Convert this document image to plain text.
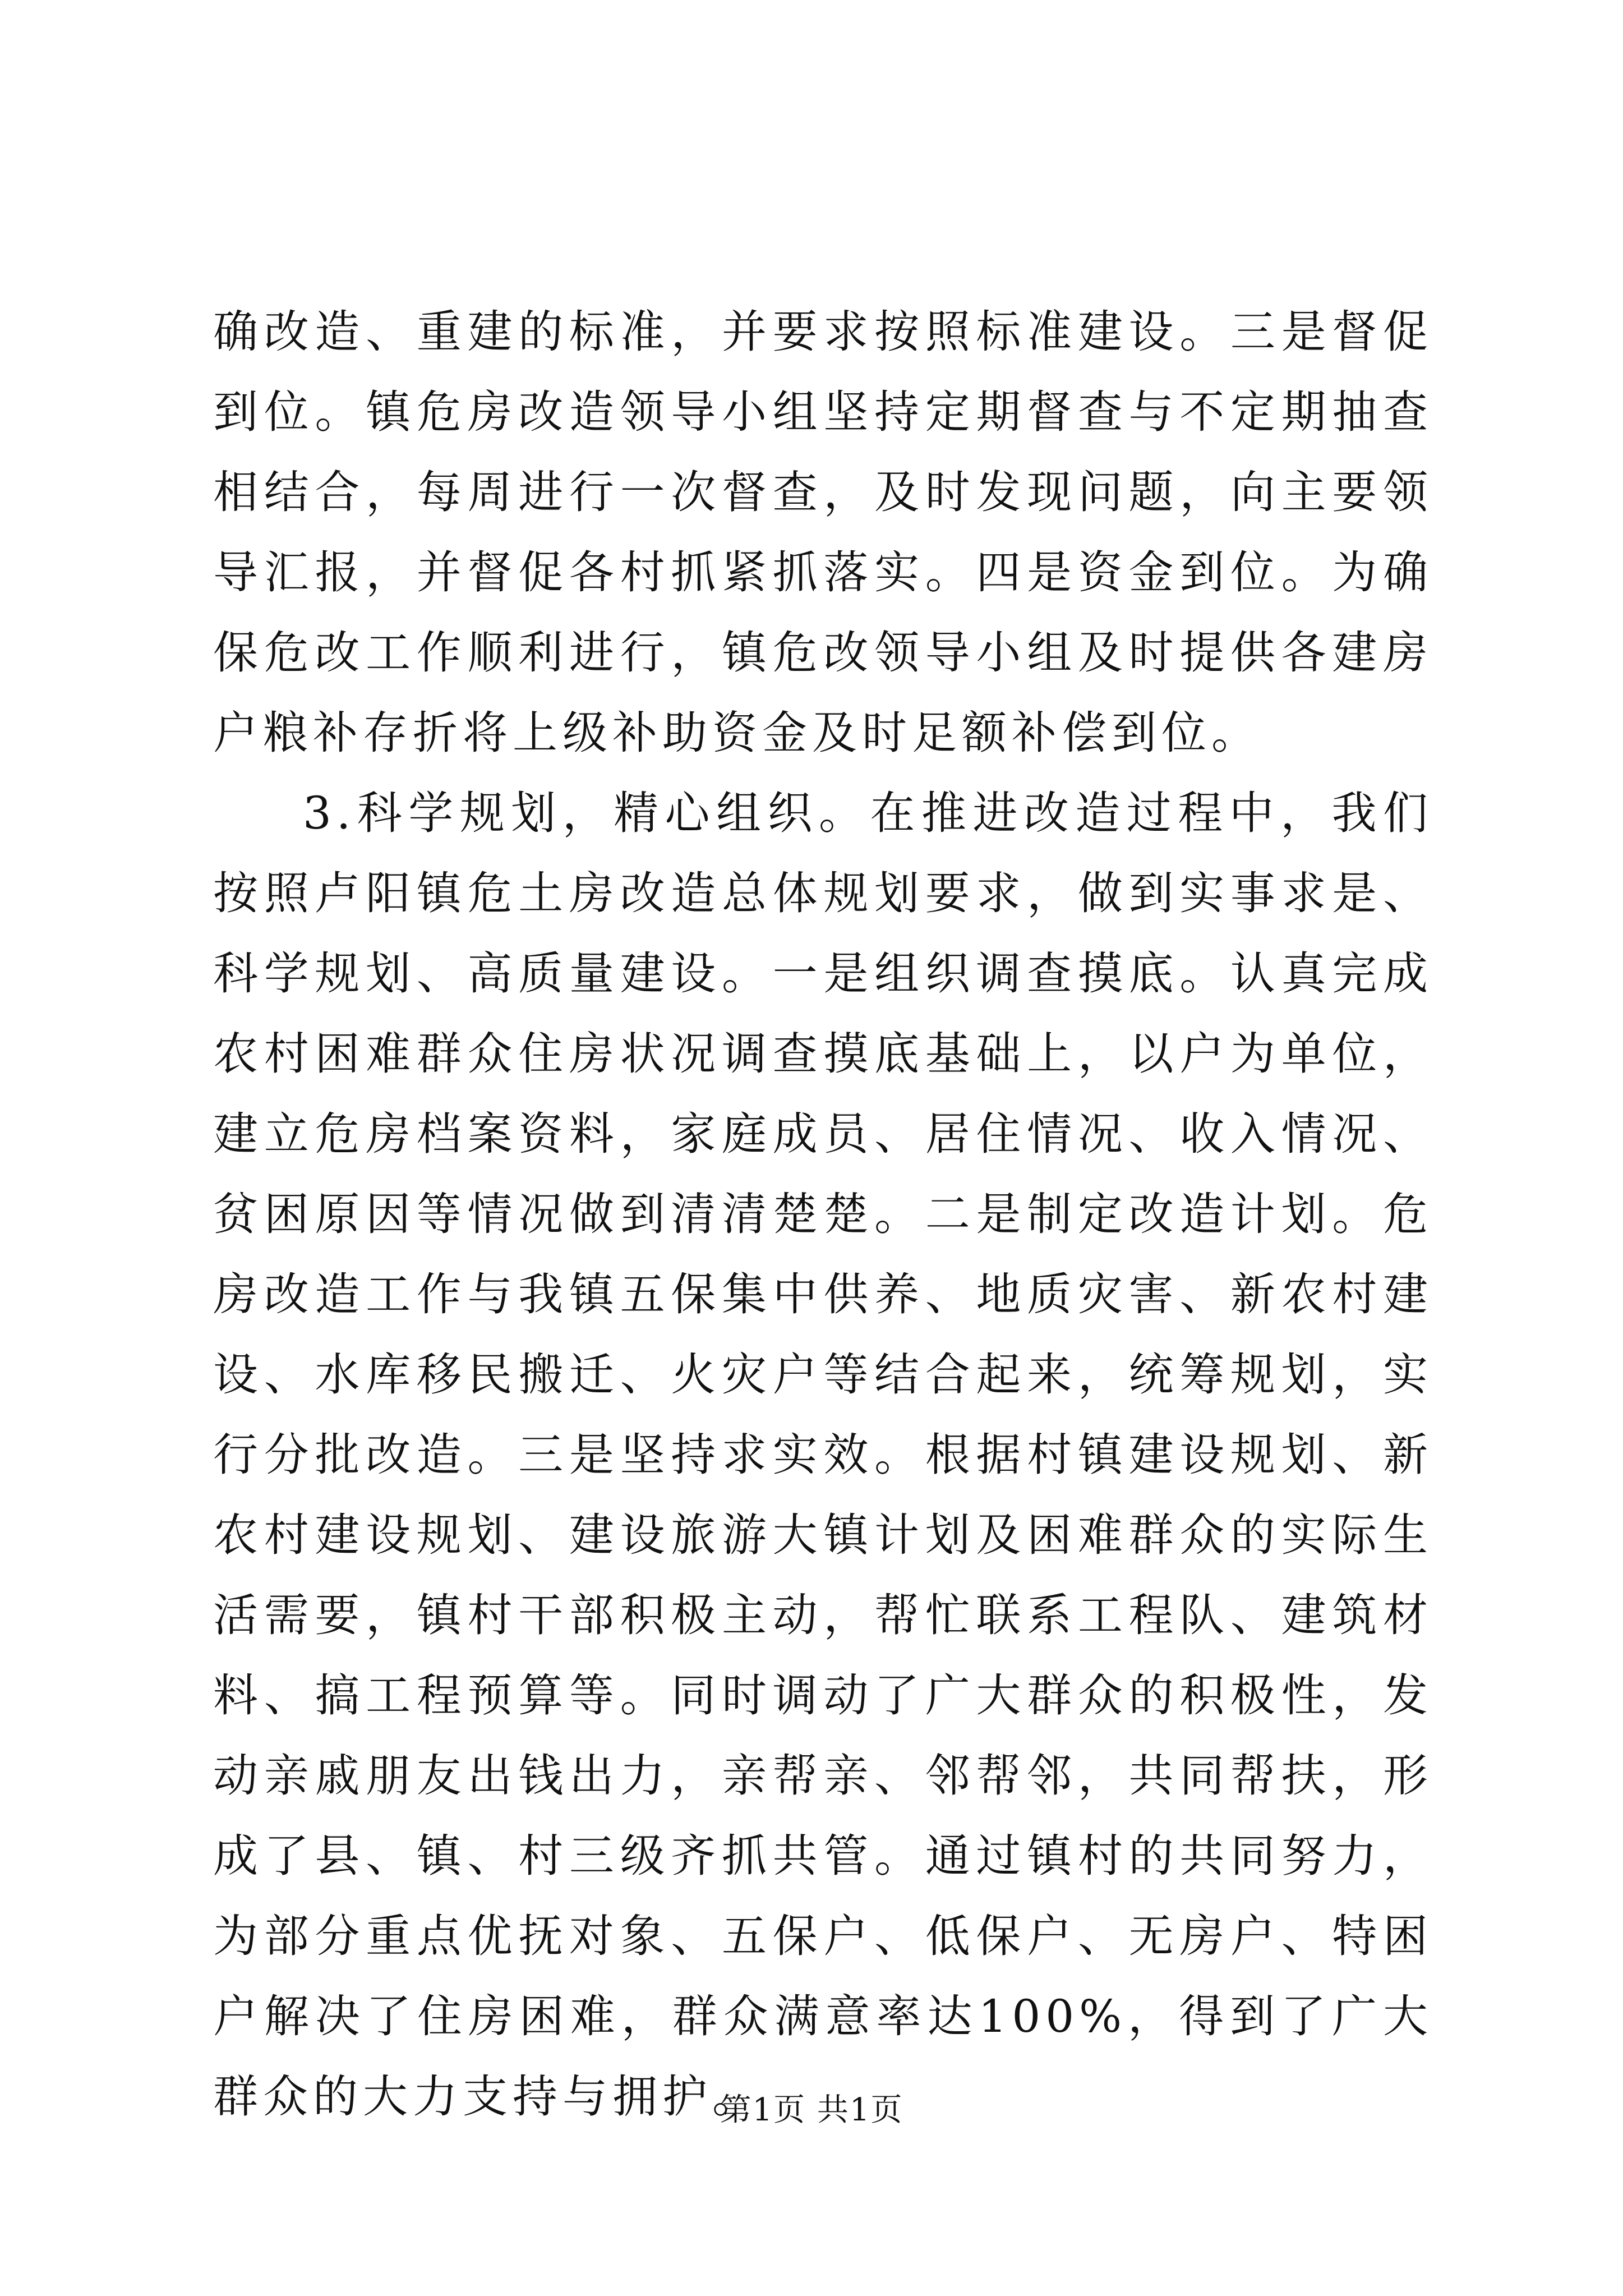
确改造、重建的标准，并要求按照标准建设。三是督促到位。镇危房改造领导小组坚持定期督查与不定期抽查相结合，每周进行一次督查，及时发现问题，向主要领导汇报，并督促各村抓紧抓落实。四是资金到位。为确保危改工作顺利进行，镇危改领导小组及时提供各建房户粮补存折将上级补助资金及时足额补偿到位。

3.科学规划，精心组织。在推进改造过程中，我们按照卢阳镇危土房改造总体规划要求，做到实事求是、科学规划、高质量建设。一是组织调查摸底。认真完成农村困难群众住房状况调查摸底基础上，以户为单位，建立危房档案资料，家庭成员、居住情况、收入情况、贫困原因等情况做到清清楚楚。二是制定改造计划。危房改造工作与我镇五保集中供养、地质灾害、新农村建设、水库移民搬迁、火灾户等结合起来，统筹规划，实行分批改造。三是坚持求实效。根据村镇建设规划、新农村建设规划、建设旅游大镇计划及困难群众的实际生活需要，镇村干部积极主动，帮忙联系工程队、建筑材料、搞工程预算等。同时调动了广大群众的积极性，发动亲戚朋友出钱出力，亲帮亲、邻帮邻，共同帮扶，形成了县、镇、村三级齐抓共管。通过镇村的共同努力，为部分重点优抚对象、五保户、低保户、无房户、特困户解决了住房困难，群众满意率达100%，得到了广大群众的大力支持与拥护。

第1页 共1页
